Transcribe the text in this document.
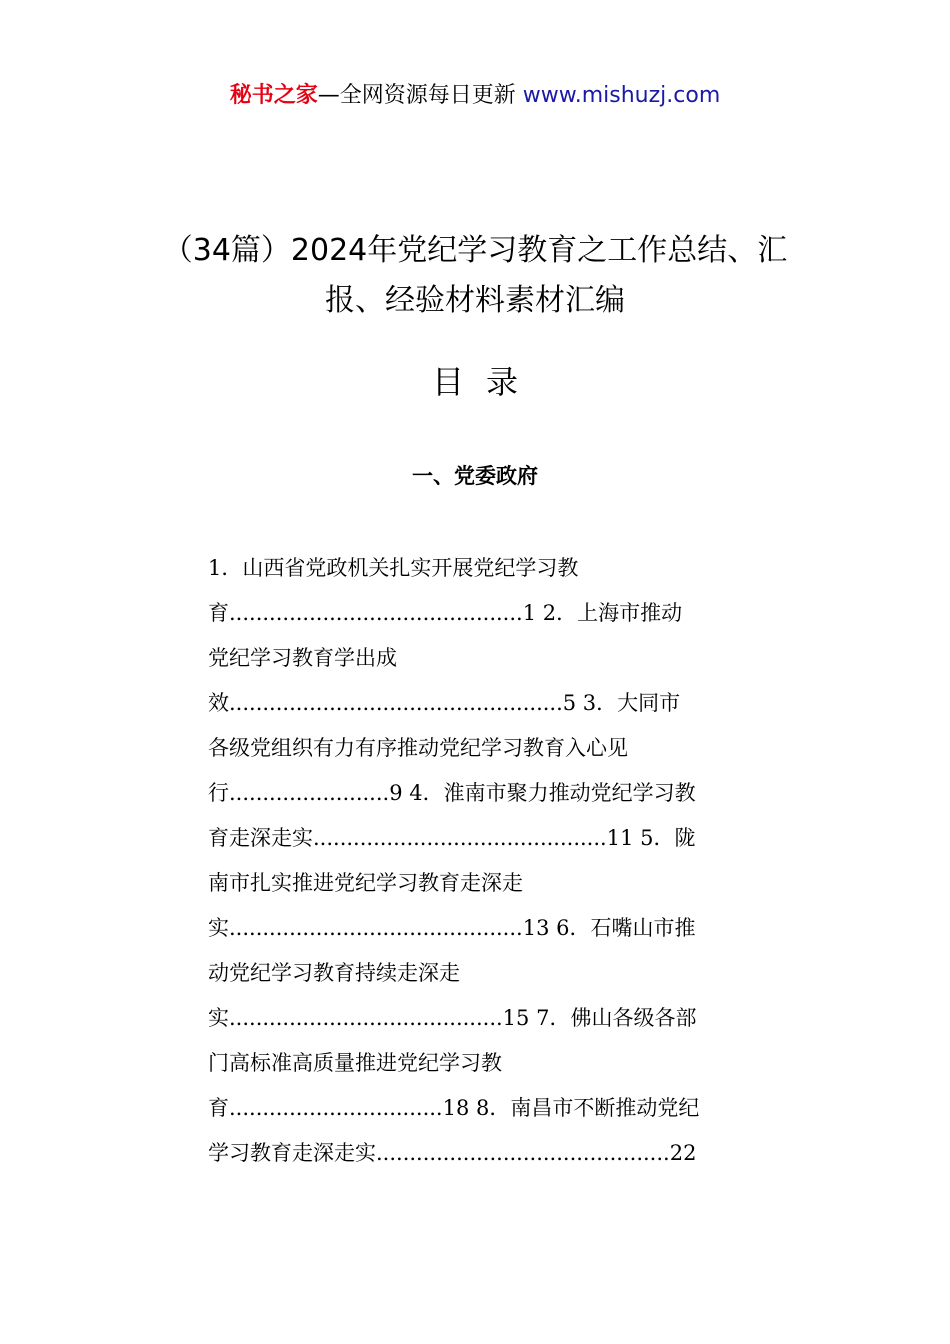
秘书之家—全网资源每日更新 www.mishuzj.com
（34篇）2024年党纪学习教育之工作总结、汇
报、经验材料素材汇编
目录
一、党委政府
1．山西省党政机关扎实开展党纪学习教
育............................................1 2．上海市推动
党纪学习教育学出成
效..................................................5 3．大同市
各级党组织有力有序推动党纪学习教育入心见
行........................9 4．淮南市聚力推动党纪学习教
育走深走实............................................11 5．陇
南市扎实推进党纪学习教育走深走
实............................................13 6．石嘴山市推
动党纪学习教育持续走深走
实.........................................15 7．佛山各级各部
门高标准高质量推进党纪学习教
育................................18 8．南昌市不断推动党纪
学习教育走深走实............................................22
